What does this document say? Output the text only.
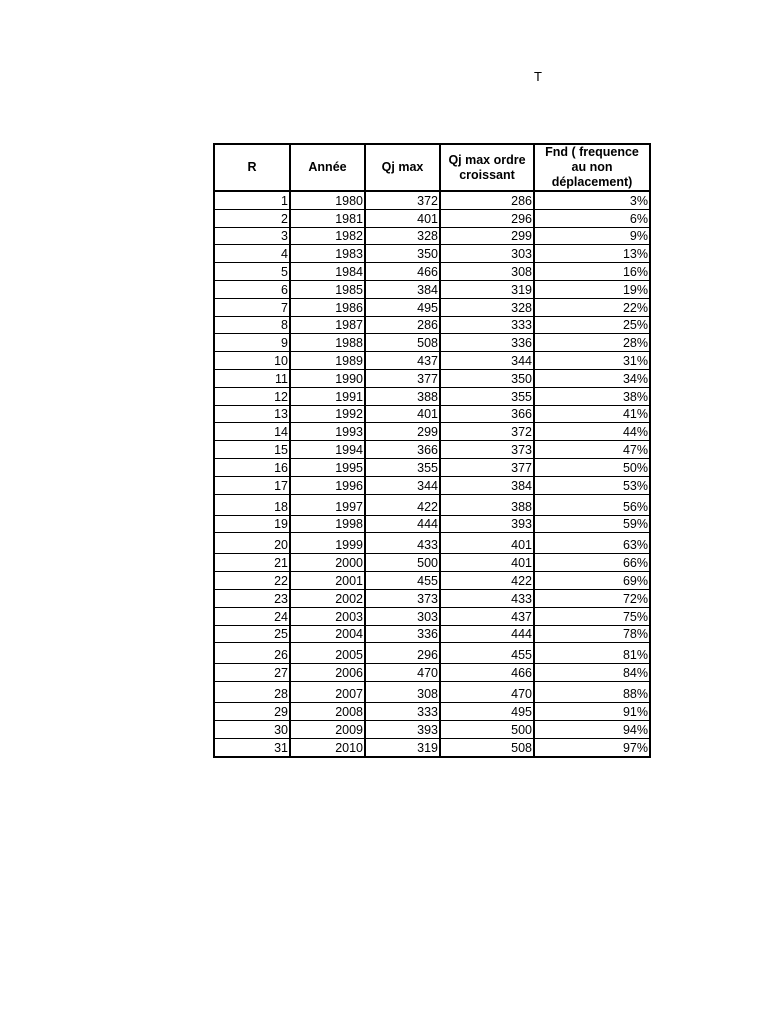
T
R	Année	Qj max	Qj max ordre croissant	Fnd ( frequence au non déplacement)
1	1980	372	286	3%
2	1981	401	296	6%
3	1982	328	299	9%
4	1983	350	303	13%
5	1984	466	308	16%
6	1985	384	319	19%
7	1986	495	328	22%
8	1987	286	333	25%
9	1988	508	336	28%
10	1989	437	344	31%
11	1990	377	350	34%
12	1991	388	355	38%
13	1992	401	366	41%
14	1993	299	372	44%
15	1994	366	373	47%
16	1995	355	377	50%
17	1996	344	384	53%
18	1997	422	388	56%
19	1998	444	393	59%
20	1999	433	401	63%
21	2000	500	401	66%
22	2001	455	422	69%
23	2002	373	433	72%
24	2003	303	437	75%
25	2004	336	444	78%
26	2005	296	455	81%
27	2006	470	466	84%
28	2007	308	470	88%
29	2008	333	495	91%
30	2009	393	500	94%
31	2010	319	508	97%
